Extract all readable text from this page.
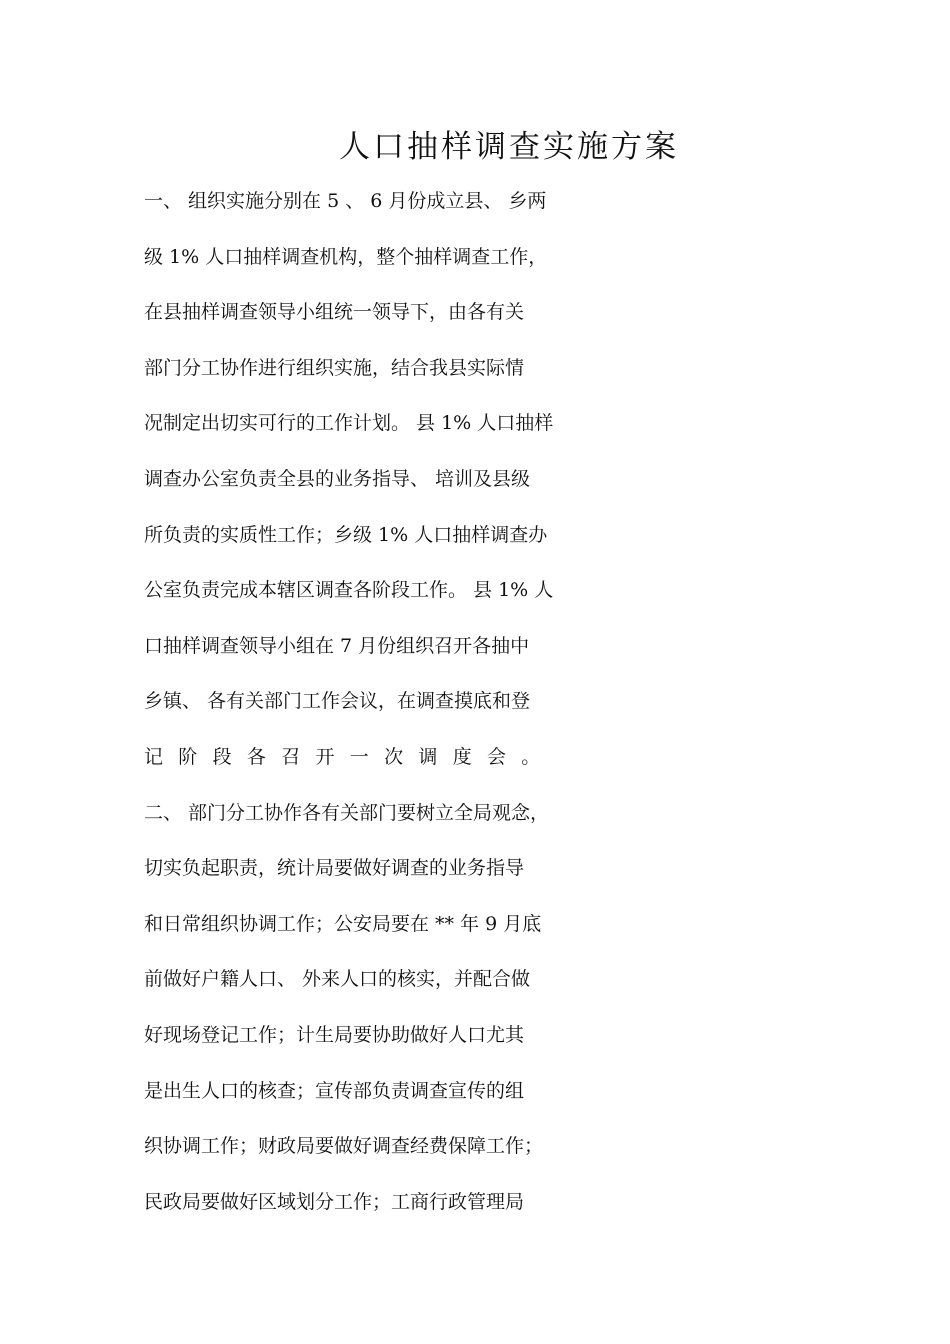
人口抽样调查实施方案
一、 组织实施分别在 5 、 6 月份成立县、 乡两
级 1% 人口抽样调查机构，整个抽样调查工作，
在县抽样调查领导小组统一领导下，由各有关
部门分工协作进行组织实施，结合我县实际情
况制定出切实可行的工作计划。 县 1% 人口抽样
调查办公室负责全县的业务指导、 培训及县级
所负责的实质性工作；乡级 1% 人口抽样调查办
公室负责完成本辖区调查各阶段工作。 县 1% 人
口抽样调查领导小组在 7 月份组织召开各抽中
乡镇、 各有关部门工作会议，在调查摸底和登
记阶段各召开一次调度会。
二、 部门分工协作各有关部门要树立全局观念，
切实负起职责，统计局要做好调查的业务指导
和日常组织协调工作；公安局要在 ** 年 9 月底
前做好户籍人口、 外来人口的核实，并配合做
好现场登记工作；计生局要协助做好人口尤其
是出生人口的核查；宣传部负责调查宣传的组
织协调工作；财政局要做好调查经费保障工作；
民政局要做好区域划分工作；工商行政管理局
